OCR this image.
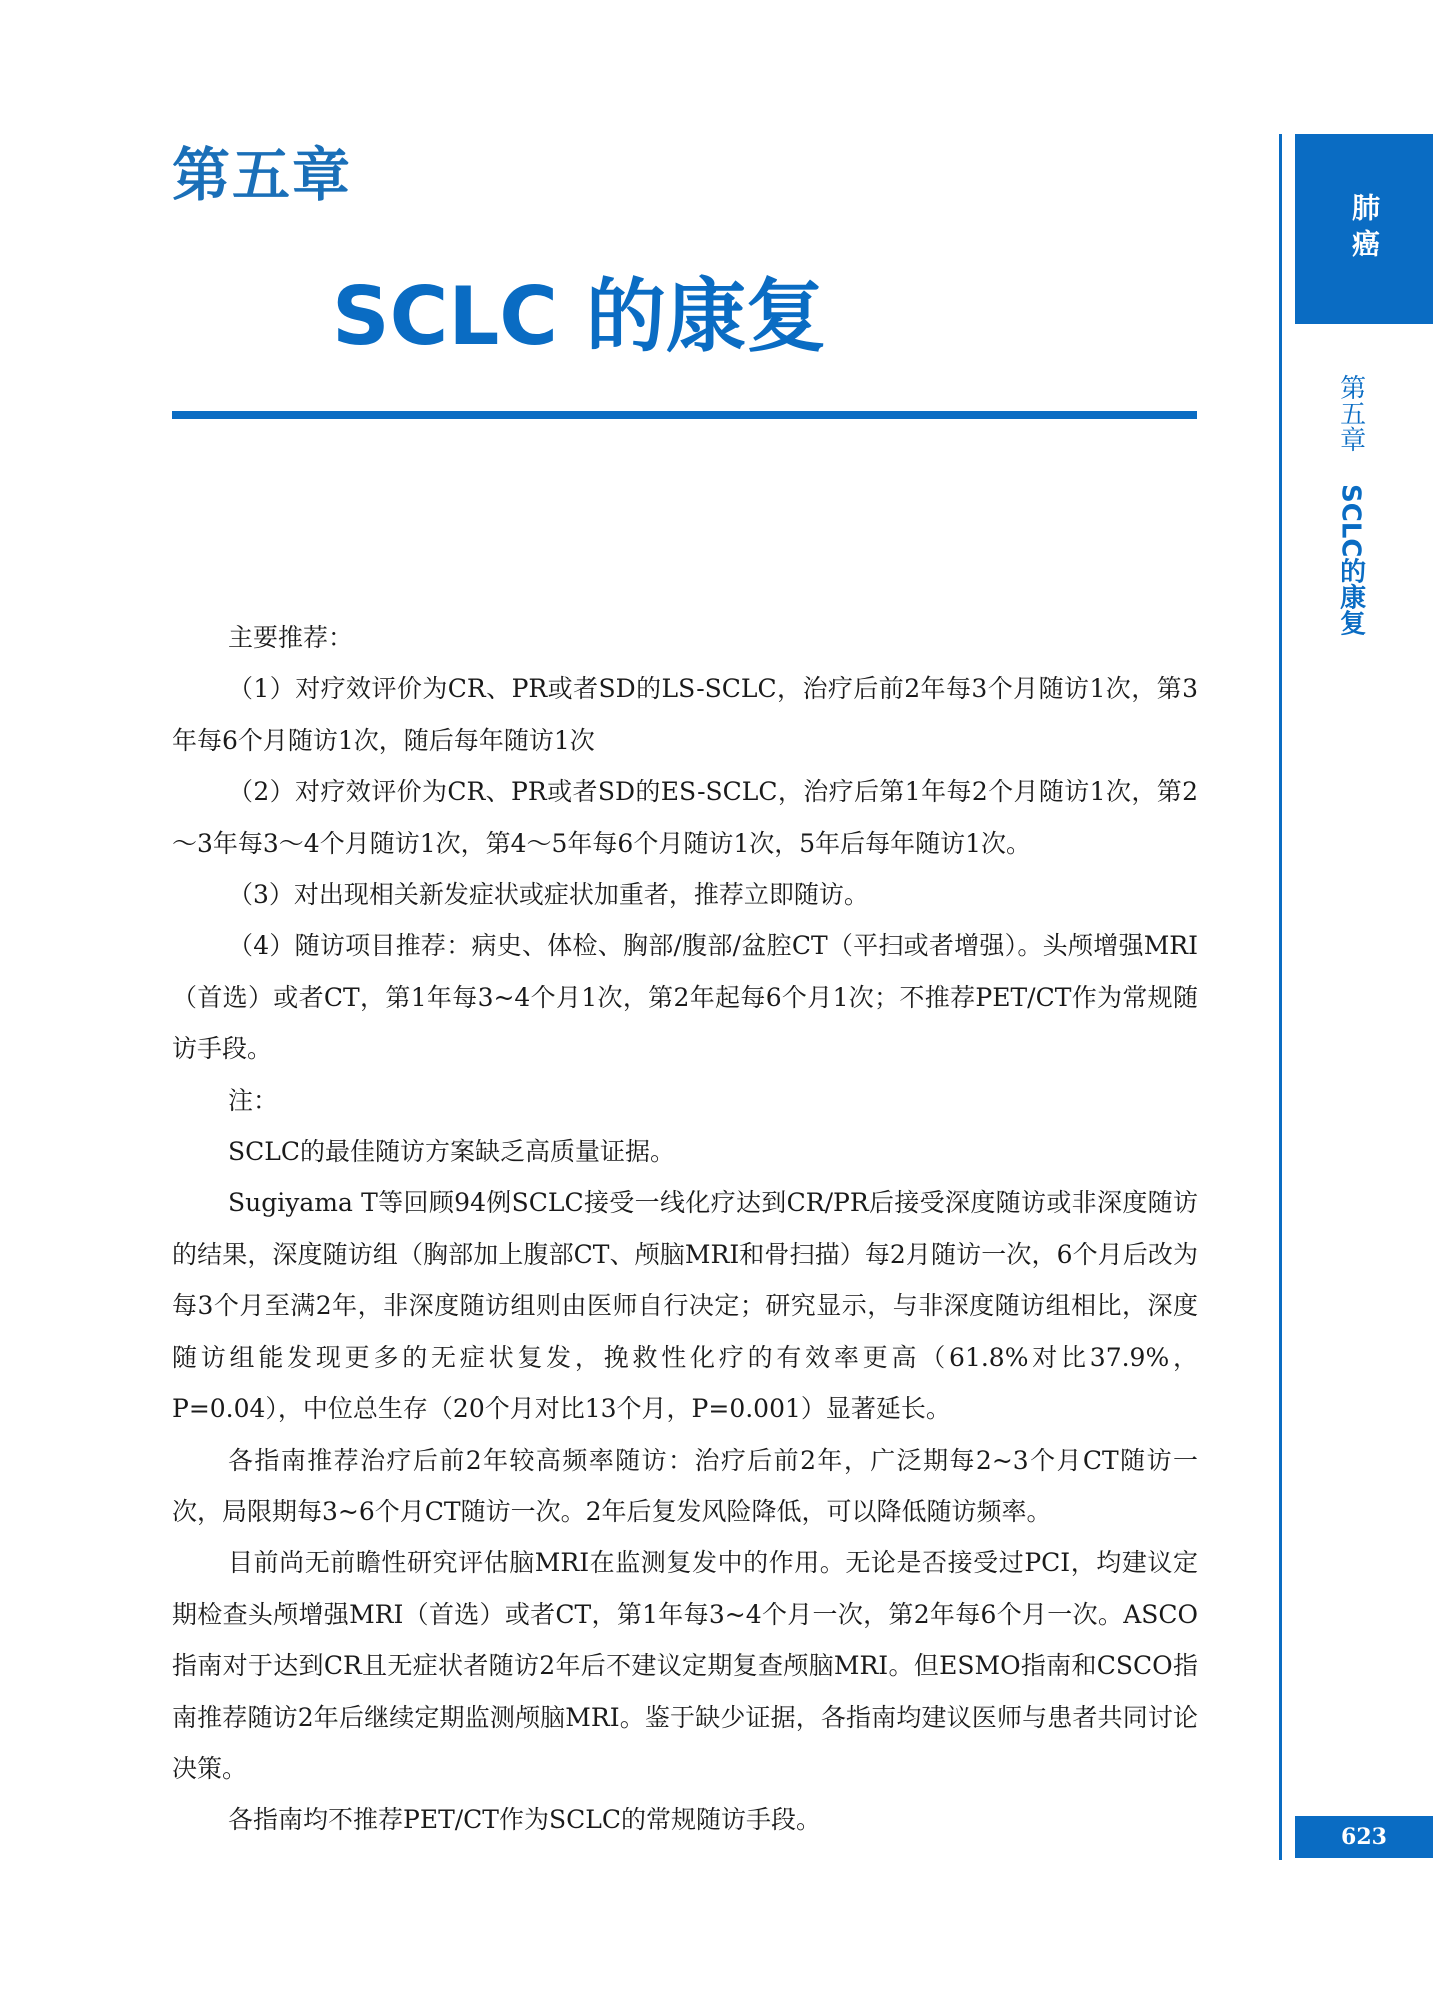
第五章
SCLC 的康复

主要推荐：

（1）对疗效评价为CR、PR或者SD的LS-SCLC，治疗后前2年每3个月随访1次，第3年每6个月随访1次，随后每年随访1次

（2）对疗效评价为CR、PR或者SD的ES-SCLC，治疗后第1年每2个月随访1次，第2～3年每3～4个月随访1次，第4～5年每6个月随访1次，5年后每年随访1次。

（3）对出现相关新发症状或症状加重者，推荐立即随访。

（4）随访项目推荐：病史、体检、胸部/腹部/盆腔CT（平扫或者增强）。头颅增强MRI（首选）或者CT，第1年每3~4个月1次，第2年起每6个月1次；不推荐PET/CT作为常规随访手段。

注：

SCLC的最佳随访方案缺乏高质量证据。

Sugiyama T等回顾94例SCLC接受一线化疗达到CR/PR后接受深度随访或非深度随访的结果，深度随访组（胸部加上腹部CT、颅脑MRI和骨扫描）每2月随访一次，6个月后改为每3个月至满2年，非深度随访组则由医师自行决定；研究显示，与非深度随访组相比，深度随访组能发现更多的无症状复发，挽救性化疗的有效率更高（61.8%对比37.9%，P=0.04），中位总生存（20个月对比13个月，P=0.001）显著延长。

各指南推荐治疗后前2年较高频率随访：治疗后前2年，广泛期每2~3个月CT随访一次，局限期每3~6个月CT随访一次。2年后复发风险降低，可以降低随访频率。

目前尚无前瞻性研究评估脑MRI在监测复发中的作用。无论是否接受过PCI，均建议定期检查头颅增强MRI（首选）或者CT，第1年每3~4个月一次，第2年每6个月一次。ASCO指南对于达到CR且无症状者随访2年后不建议定期复查颅脑MRI。但ESMO指南和CSCO指南推荐随访2年后继续定期监测颅脑MRI。鉴于缺少证据，各指南均建议医师与患者共同讨论决策。

各指南均不推荐PET/CT作为SCLC的常规随访手段。

肺癌
第五章
SCLC的康复
623
